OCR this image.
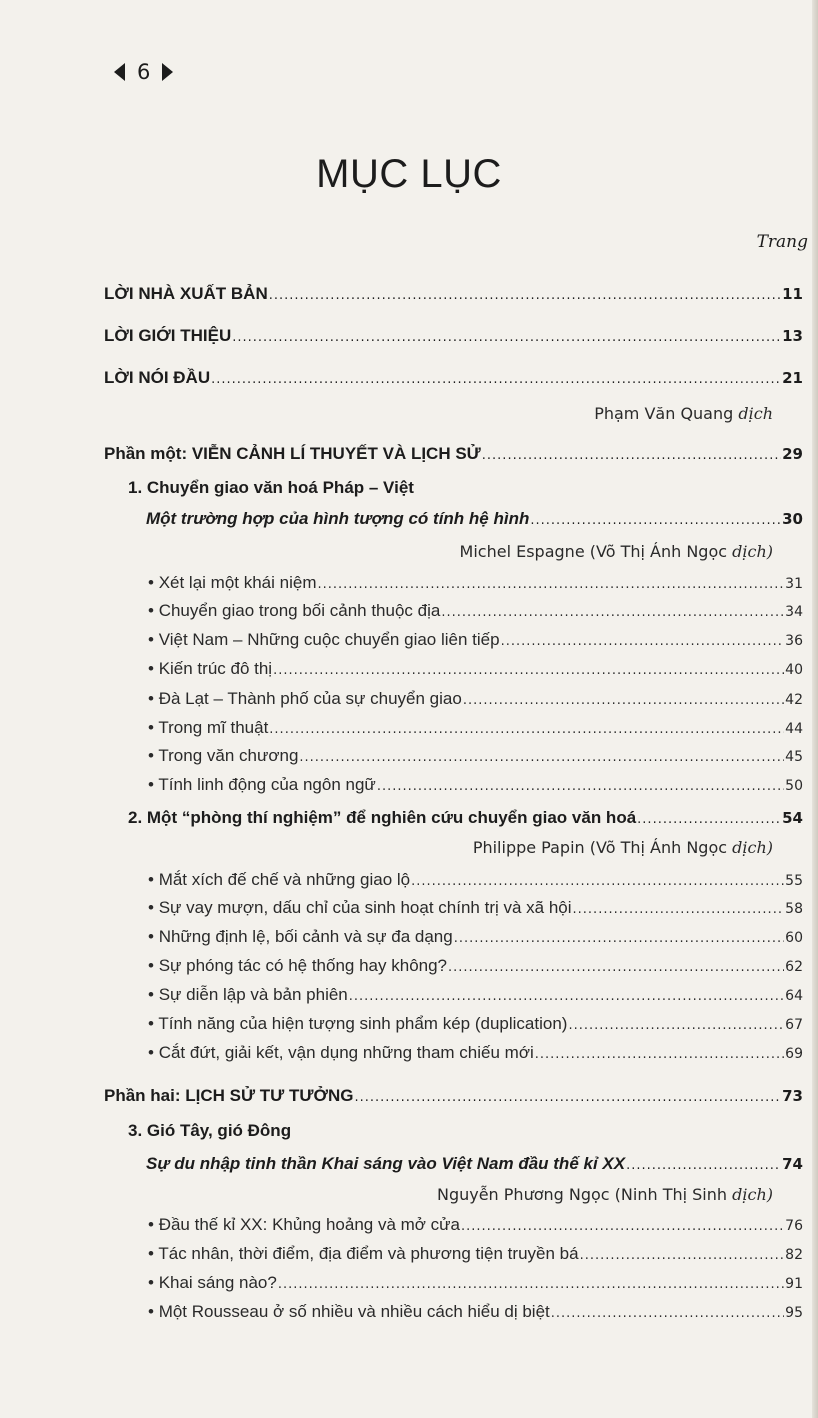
6
MỤC LỤC
Trang
LỜI NHÀ XUẤT BẢN .....	11
LỜI GIỚI THIỆU .....	13
LỜI NÓI ĐẦU .....	21
Phạm Văn Quang dịch
Phần một: VIỄN CẢNH LÍ THUYẾT VÀ LỊCH SỬ .....	29
1. Chuyển giao văn hoá Pháp – Việt
Một trường hợp của hình tượng có tính hệ hình .....	30
Michel Espagne (Võ Thị Ánh Ngọc dịch)
• Xét lại một khái niệm .....	31
• Chuyển giao trong bối cảnh thuộc địa .....	34
• Việt Nam – Những cuộc chuyển giao liên tiếp .....	36
• Kiến trúc đô thị .....	40
• Đà Lạt – Thành phố của sự chuyển giao .....	42
• Trong mĩ thuật .....	44
• Trong văn chương .....	45
• Tính linh động của ngôn ngữ .....	50
2. Một “phòng thí nghiệm” để nghiên cứu chuyển giao văn hoá .....	54
Philippe Papin (Võ Thị Ánh Ngọc dịch)
• Mắt xích đế chế và những giao lộ .....	55
• Sự vay mượn, dấu chỉ của sinh hoạt chính trị và xã hội .....	58
• Những định lệ, bối cảnh và sự đa dạng .....	60
• Sự phóng tác có hệ thống hay không? .....	62
• Sự diễn lập và bản phiên .....	64
• Tính năng của hiện tượng sinh phẩm kép (duplication) .....	67
• Cắt đứt, giải kết, vận dụng những tham chiếu mới .....	69
Phần hai: LỊCH SỬ TƯ TƯỞNG .....	73
3. Gió Tây, gió Đông
Sự du nhập tinh thần Khai sáng vào Việt Nam đầu thế kỉ XX .....	74
Nguyễn Phương Ngọc (Ninh Thị Sinh dịch)
• Đầu thế kỉ XX: Khủng hoảng và mở cửa .....	76
• Tác nhân, thời điểm, địa điểm và phương tiện truyền bá .....	82
• Khai sáng nào? .....	91
• Một Rousseau ở số nhiều và nhiều cách hiểu dị biệt .....	95
